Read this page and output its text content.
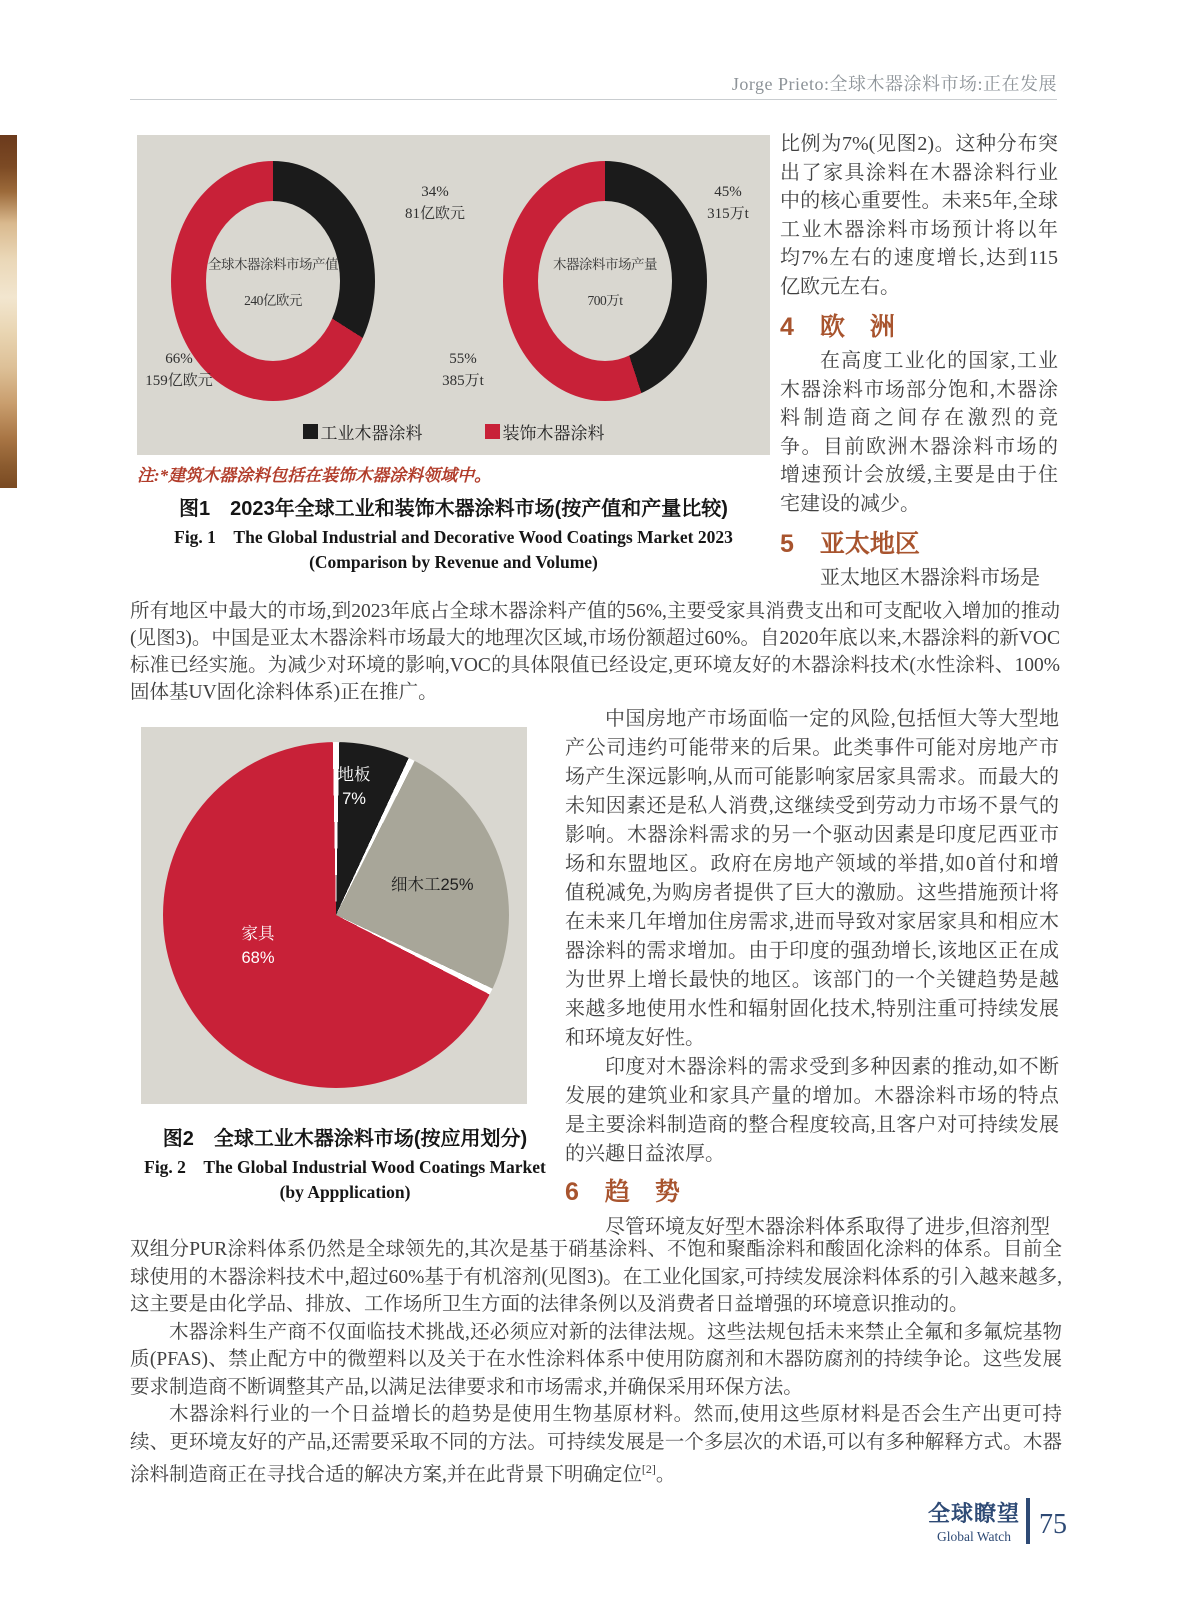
Jorge Prieto:全球木器涂料市场:正在发展
全球木器涂料市场产值
240亿欧元
木器涂料市场产量
700万t
34%
81亿欧元
66%
159亿欧元
45%
315万t
55%
385万t
工业木器涂料	装饰木器涂料
注:*建筑木器涂料包括在装饰木器涂料领域中。
图1　2023年全球工业和装饰木器涂料市场(按产值和产量比较)
Fig. 1　The Global Industrial and Decorative Wood Coatings Market 2023
(Comparison by Revenue and Volume)

比例为7%(见图2)。这种分布突出了家具涂料在木器涂料行业中的核心重要性。未来5年,全球工业木器涂料市场预计将以年均7%左右的速度增长,达到115亿欧元左右。

4 欧　洲

在高度工业化的国家,工业木器涂料市场部分饱和,木器涂料制造商之间存在激烈的竞争。目前欧洲木器涂料市场的增速预计会放缓,主要是由于住宅建设的减少。

5 亚太地区

亚太地区木器涂料市场是

所有地区中最大的市场,到2023年底占全球木器涂料产值的56%,主要受家具消费支出和可支配收入增加的推动(见图3)。中国是亚太木器涂料市场最大的地理次区域,市场份额超过60%。自2020年底以来,木器涂料的新VOC标准已经实施。为减少对环境的影响,VOC的具体限值已经设定,更环境友好的木器涂料技术(水性涂料、100%固体基UV固化涂料体系)正在推广。

地板
7%
细木工25%
家具
68%
图2　全球工业木器涂料市场(按应用划分)
Fig. 2　The Global Industrial Wood Coatings Market
(by Appplication)

中国房地产市场面临一定的风险,包括恒大等大型地产公司违约可能带来的后果。此类事件可能对房地产市场产生深远影响,从而可能影响家居家具需求。而最大的未知因素还是私人消费,这继续受到劳动力市场不景气的影响。木器涂料需求的另一个驱动因素是印度尼西亚市场和东盟地区。政府在房地产领域的举措,如0首付和增值税减免,为购房者提供了巨大的激励。这些措施预计将在未来几年增加住房需求,进而导致对家居家具和相应木器涂料的需求增加。由于印度的强劲增长,该地区正在成为世界上增长最快的地区。该部门的一个关键趋势是越来越多地使用水性和辐射固化技术,特别注重可持续发展和环境友好性。

印度对木器涂料的需求受到多种因素的推动,如不断发展的建筑业和家具产量的增加。木器涂料市场的特点是主要涂料制造商的整合程度较高,且客户对可持续发展的兴趣日益浓厚。

6 趋　势

尽管环境友好型木器涂料体系取得了进步,但溶剂型

双组分PUR涂料体系仍然是全球领先的,其次是基于硝基涂料、不饱和聚酯涂料和酸固化涂料的体系。目前全球使用的木器涂料技术中,超过60%基于有机溶剂(见图3)。在工业化国家,可持续发展涂料体系的引入越来越多,这主要是由化学品、排放、工作场所卫生方面的法律条例以及消费者日益增强的环境意识推动的。

木器涂料生产商不仅面临技术挑战,还必须应对新的法律法规。这些法规包括未来禁止全氟和多氟烷基物质(PFAS)、禁止配方中的微塑料以及关于在水性涂料体系中使用防腐剂和木器防腐剂的持续争论。这些发展要求制造商不断调整其产品,以满足法律要求和市场需求,并确保采用环保方法。

木器涂料行业的一个日益增长的趋势是使用生物基原材料。然而,使用这些原材料是否会生产出更可持续、更环境友好的产品,还需要采取不同的方法。可持续发展是一个多层次的术语,可以有多种解释方式。木器涂料制造商正在寻找合适的解决方案,并在此背景下明确定位[2]。

全球瞭望
Global Watch	75
